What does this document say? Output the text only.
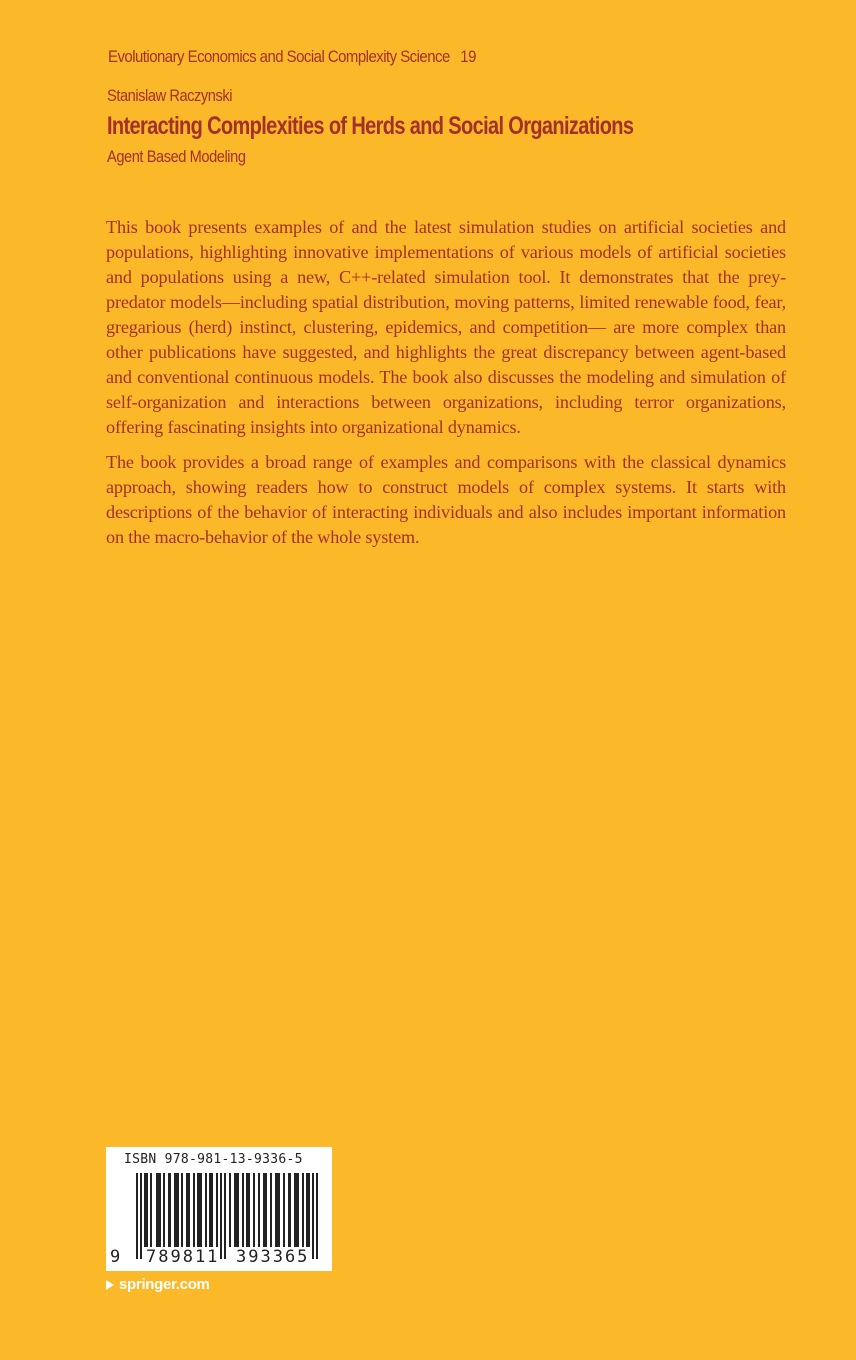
Evolutionary Economics and Social Complexity Science 19
Stanislaw Raczynski
Interacting Complexities of Herds and Social Organizations
Agent Based Modeling

This book presents examples of and the latest simulation studies on artificial societies and populations, highlighting innovative implementations of various models of artificial societies and populations using a new, C++-related simulation tool. It demonstrates that the prey-predator models—including spatial distribution, moving patterns, limited renewable food, fear, gregarious (herd) instinct, clustering, epidemics, and competition— are more complex than other publications have suggested, and highlights the great discrepancy between agent-based and conventional continuous models. The book also discusses the modeling and simulation of self-organization and interactions between organizations, including terror organizations, offering fascinating insights into organizational dynamics.

The book provides a broad range of examples and comparisons with the classical dynamics approach, showing readers how to construct models of complex systems. It starts with descriptions of the behavior of interacting individuals and also includes important information on the macro-behavior of the whole system.

ISBN 978-981-13-9336-5
9 789811 393365
springer.com
